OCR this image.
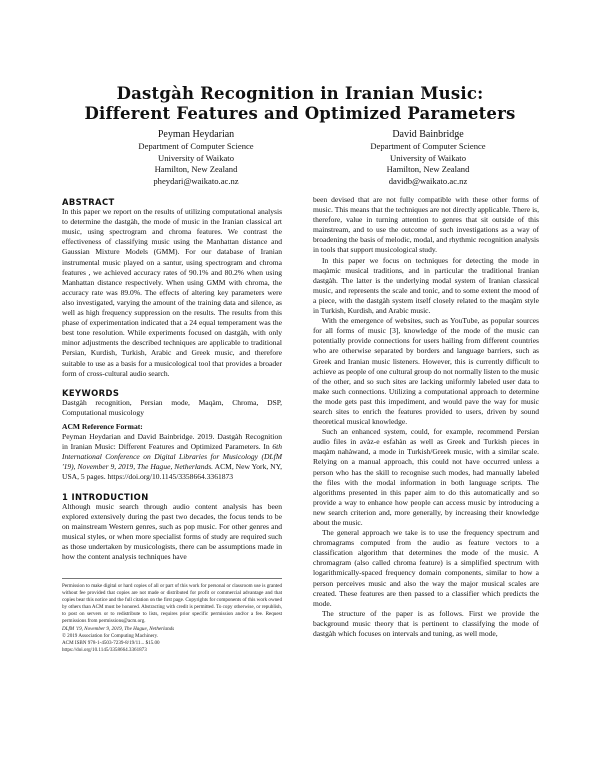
Dastgàh Recognition in Iranian Music:
Different Features and Optimized Parameters
Peyman Heydarian
Department of Computer Science
University of Waikato
Hamilton, New Zealand
pheydari@waikato.ac.nz
David Bainbridge
Department of Computer Science
University of Waikato
Hamilton, New Zealand
davidb@waikato.ac.nz
ABSTRACT

In this paper we report on the results of utilizing computational analysis to determine the dastgàh, the mode of music in the Iranian classical art music, using spectrogram and chroma features. We contrast the effectiveness of classifying music using the Manhattan distance and Gaussian Mixture Models (GMM). For our database of Iranian instrumental music played on a santur, using spectrogram and chroma features , we achieved accuracy rates of 90.1% and 80.2% when using Manhattan distance respectively. When using GMM with chroma, the accuracy rate was 89.0%. The effects of altering key parameters were also investigated, varying the amount of the training data and silence, as well as high frequency suppression on the results. The results from this phase of experimentation indicated that a 24 equal temperament was the best tone resolution. While experiments focused on dastgàh, with only minor adjustments the described techniques are applicable to traditional Persian, Kurdish, Turkish, Arabic and Greek music, and therefore suitable to use as a basis for a musicological tool that provides a broader form of cross-cultural audio search.

KEYWORDS

Dastgàh recognition, Persian mode, Maqàm, Chroma, DSP, Computational musicology

ACM Reference Format:

Peyman Heydarian and David Bainbridge. 2019. Dastgàh Recognition in Iranian Music: Different Features and Optimized Parameters. In 6th International Conference on Digital Libraries for Musicology (DLfM '19), November 9, 2019, The Hague, Netherlands. ACM, New York, NY, USA, 5 pages. https://doi.org/10.1145/3358664.3361873

1 INTRODUCTION

Although music search through audio content analysis has been explored extensively during the past two decades, the focus tends to be on mainstream Western genres, such as pop music. For other genres and musical styles, or when more specialist forms of study are required such as those undertaken by musicologists, there can be assumptions made in how the content analysis techniques have

Permission to make digital or hard copies of all or part of this work for personal or classroom use is granted without fee provided that copies are not made or distributed for profit or commercial advantage and that copies bear this notice and the full citation on the first page. Copyrights for components of this work owned by others than ACM must be honored. Abstracting with credit is permitted. To copy otherwise, or republish, to post on servers or to redistribute to lists, requires prior specific permission and/or a fee. Request permissions from permissions@acm.org.

DLfM '19, November 9, 2019, The Hague, Netherlands

© 2019 Association for Computing Machinery.

ACM ISBN 978-1-4503-7239-8/19/11... $15.00

https://doi.org/10.1145/3358664.3361873

been devised that are not fully compatible with these other forms of music. This means that the techniques are not directly applicable. There is, therefore, value in turning attention to genres that sit outside of this mainstream, and to use the outcome of such investigations as a way of broadening the basis of melodic, modal, and rhythmic recognition analysis in tools that support musicological study.

In this paper we focus on techniques for detecting the mode in maqàmic musical traditions, and in particular the traditional Iranian dastgàh. The latter is the underlying modal system of Iranian classical music, and represents the scale and tonic, and to some extent the mood of a piece, with the dastgàh system itself closely related to the maqàm style in Turkish, Kurdish, and Arabic music.

With the emergence of websites, such as YouTube, as popular sources for all forms of music [3], knowledge of the mode of the music can potentially provide connections for users hailing from different countries who are otherwise separated by borders and language barriers, such as Greek and Iranian music listeners. However, this is currently difficult to achieve as people of one cultural group do not normally listen to the music of the other, and so such sites are lacking uniformly labeled user data to make such connections. Utilizing a computational approach to determine the mode gets past this impediment, and would pave the way for music search sites to enrich the features provided to users, driven by sound theoretical musical knowledge.

Such an enhanced system, could, for example, recommend Persian audio files in avàz-e esfahàn as well as Greek and Turkish pieces in maqàm nahàwand, a mode in Turkish/Greek music, with a similar scale. Relying on a manual approach, this could not have occurred unless a person who has the skill to recognise such modes, had manually labeled the files with the modal information in both language scripts. The algorithms presented in this paper aim to do this automatically and so provide a way to enhance how people can access music by introducing a new search criterion and, more generally, by increasing their knowledge about the music.

The general approach we take is to use the frequency spectrum and chromagrams computed from the audio as feature vectors to a classification algorithm that determines the mode of the music. A chromagram (also called chroma feature) is a simplified spectrum with logarithmically-spaced frequency domain components, similar to how a person perceives music and also the way the major musical scales are created. These features are then passed to a classifier which predicts the mode.

The structure of the paper is as follows. First we provide the background music theory that is pertinent to classifying the mode of dastgàh which focuses on intervals and tuning, as well mode,
